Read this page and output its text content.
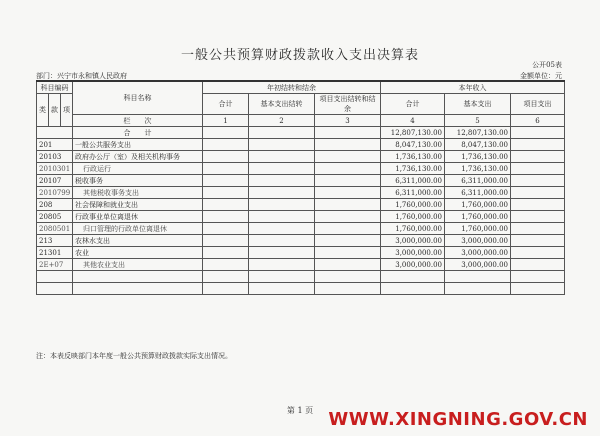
一般公共预算财政拨款收入支出决算表
公开05表
部门：兴宁市永和镇人民政府	金额单位：元
科目编码			科目名称	年初结转和结余			本年收入		
				合计	基本支出结转	项目支出结转和结余	合计	基本支出	项目支出
类	款	项							
			栏　　次	1	2	3	4	5	6
			合　　计				12,807,130.00	12,807,130.00	
201			一般公共服务支出				8,047,130.00	8,047,130.00	
20103			政府办公厅（室）及相关机构事务				1,736,130.00	1,736,130.00	
2010301			行政运行				1,736,130.00	1,736,130.00	
20107			税收事务				6,311,000.00	6,311,000.00	
2010799			其他税收事务支出				6,311,000.00	6,311,000.00	
208			社会保障和就业支出				1,760,000.00	1,760,000.00	
20805			行政事业单位离退休				1,760,000.00	1,760,000.00	
2080501			归口管理的行政单位离退休				1,760,000.00	1,760,000.00	
213			农林水支出				3,000,000.00	3,000,000.00	
21301			农业				3,000,000.00	3,000,000.00	
2E+07			其他农业支出				3,000,000.00	3,000,000.00	

注：本表反映部门本年度一般公共预算财政拨款实际支出情况。
第 1 页 WWW.XINGNING.GOV.CN
